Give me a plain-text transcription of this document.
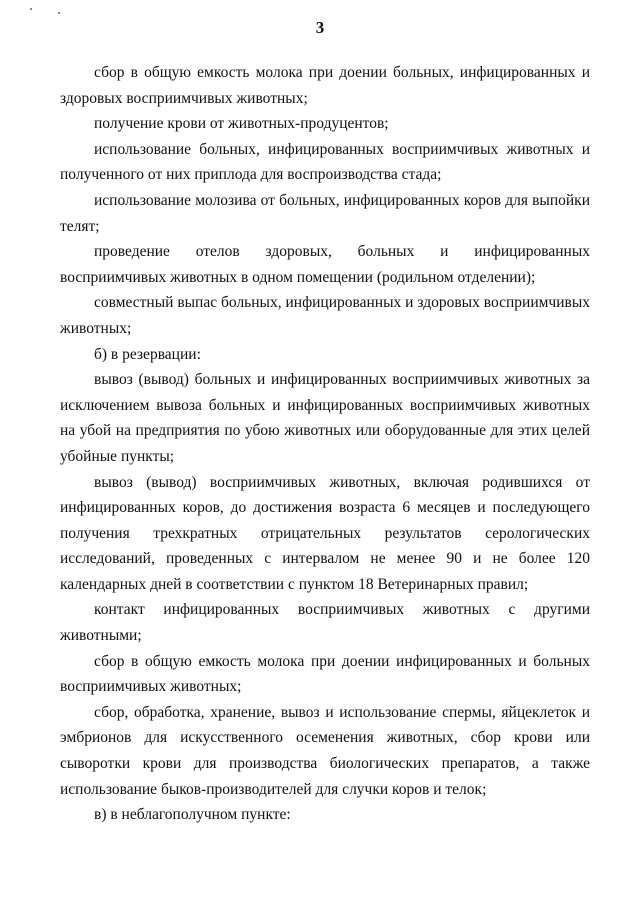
3

сбор в общую емкость молока при доении больных, инфицированных и здоровых восприимчивых животных;

получение крови от животных-продуцентов;

использование больных, инфицированных восприимчивых животных и полученного от них приплода для воспроизводства стада;

использование молозива от больных, инфицированных коров для выпойки телят;

проведение отелов здоровых, больных и инфицированных восприимчивых животных в одном помещении (родильном отделении);

совместный выпас больных, инфицированных и здоровых восприимчивых животных;

б) в резервации:

вывоз (вывод) больных и инфицированных восприимчивых животных за исключением вывоза больных и инфицированных восприимчивых животных на убой на предприятия по убою животных или оборудованные для этих целей убойные пункты;

вывоз (вывод) восприимчивых животных, включая родившихся от инфицированных коров, до достижения возраста 6 месяцев и последующего получения трехкратных отрицательных результатов серологических исследований, проведенных с интервалом не менее 90 и не более 120 календарных дней в соответствии с пунктом 18 Ветеринарных правил;

контакт инфицированных восприимчивых животных с другими животными;

сбор в общую емкость молока при доении инфицированных и больных восприимчивых животных;

сбор, обработка, хранение, вывоз и использование спермы, яйцеклеток и эмбрионов для искусственного осеменения животных, сбор крови или сыворотки крови для производства биологических препаратов, а также использование быков-производителей для случки коров и телок;

в) в неблагополучном пункте:
